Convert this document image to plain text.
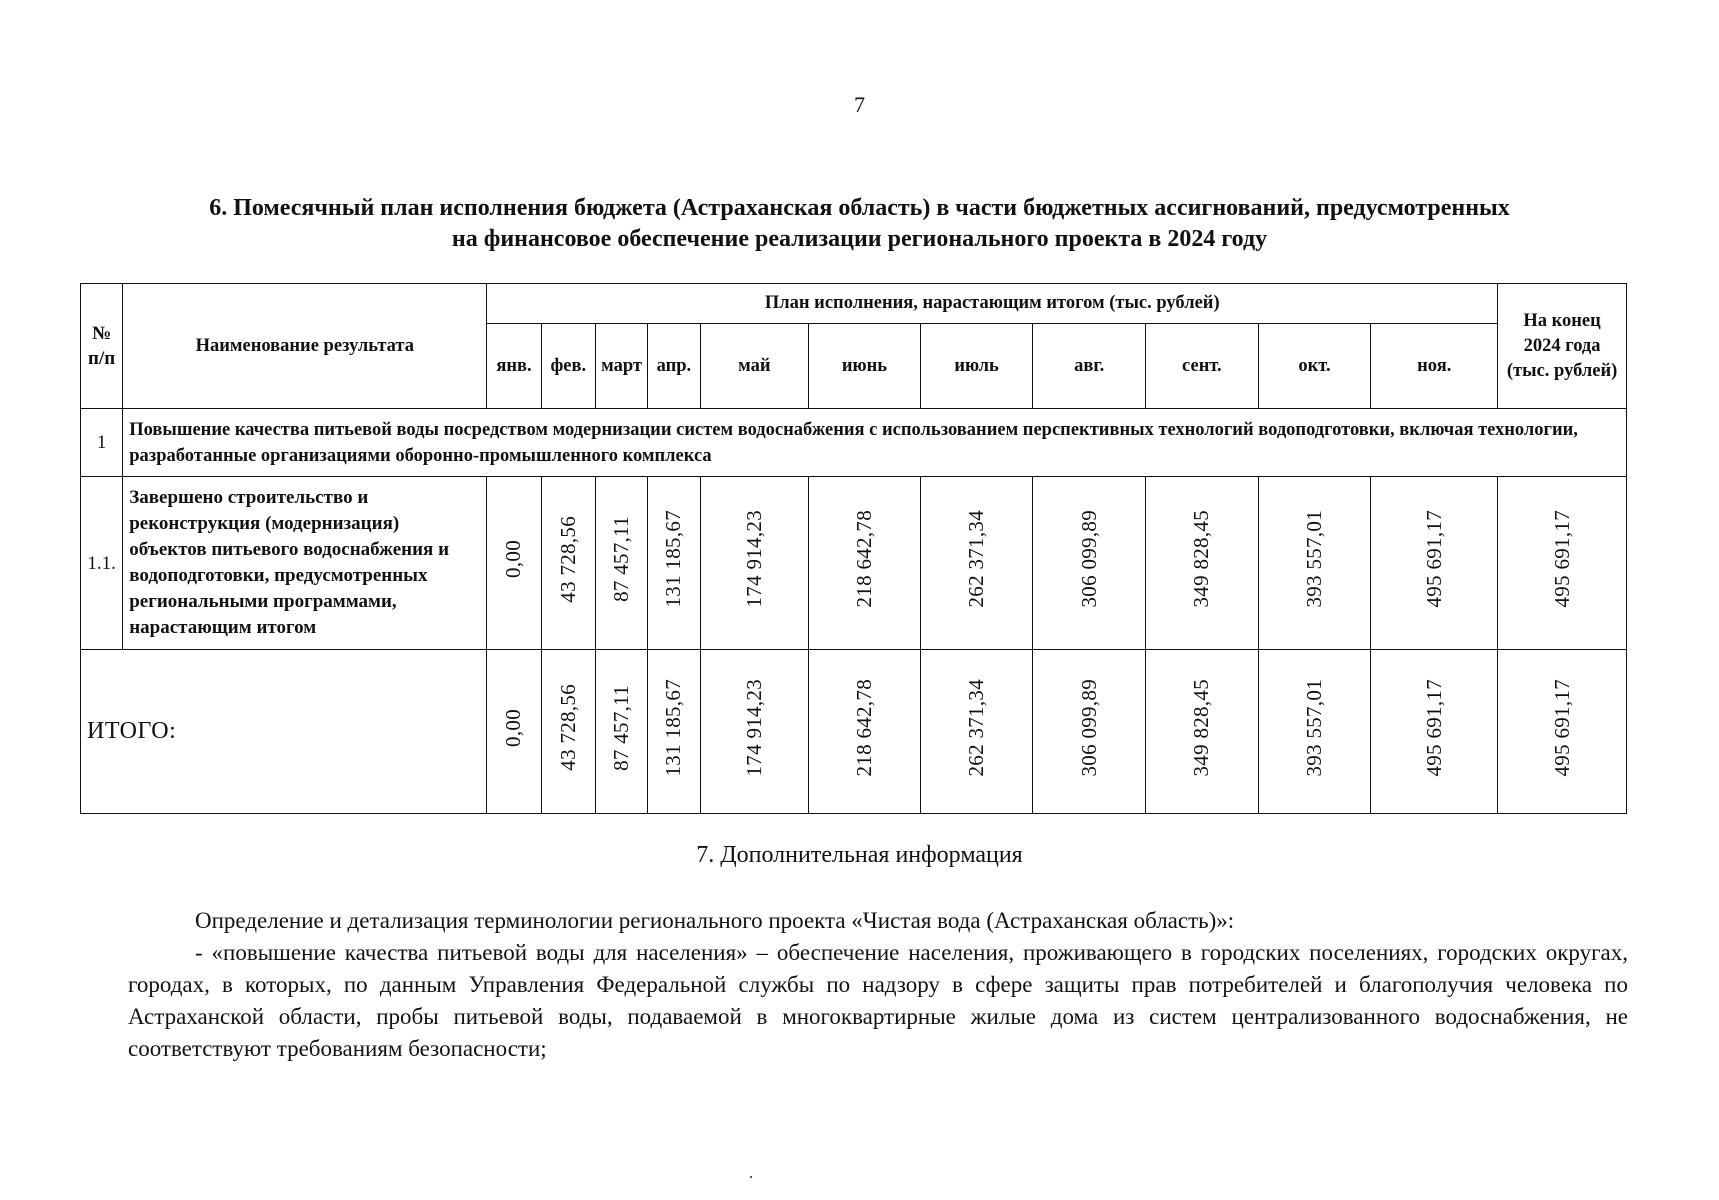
7
6. Помесячный план исполнения бюджета (Астраханская область) в части бюджетных ассигнований, предусмотренных
на финансовое обеспечение реализации регионального проекта в 2024 году
№ п/п	Наименование результата	План исполнения, нарастающим итогом (тыс. рублей)											На конец 2024 года (тыс. рублей)
		янв.	фев.	март	апр.	май	июнь	июль	авг.	сент.	окт.	ноя.	
1	Повышение качества питьевой воды посредством модернизации систем водоснабжения с использованием перспективных технологий водоподготовки, включая технологии, разработанные организациями оборонно-промышленного комплекса												
1.1.	Завершено строительство и реконструкция (модернизация) объектов питьевого водоснабжения и водоподготовки, предусмотренных региональными программами, нарастающим итогом	0,00	43 728,56	87 457,11	131 185,67	174 914,23	218 642,78	262 371,34	306 099,89	349 828,45	393 557,01	495 691,17	495 691,17
ИТОГО:		0,00	43 728,56	87 457,11	131 185,67	174 914,23	218 642,78	262 371,34	306 099,89	349 828,45	393 557,01	495 691,17	495 691,17
7. Дополнительная информация

Определение и детализация терминологии регионального проекта «Чистая вода (Астраханская область)»:

- «повышение качества питьевой воды для населения» – обеспечение населения, проживающего в городских поселениях, городских округах, городах, в которых, по данным Управления Федеральной службы по надзору в сфере защиты прав потребителей и благополучия человека по Астраханской области, пробы питьевой воды, подаваемой в многоквартирные жилые дома из систем централизованного водоснабжения, не соответствуют требованиям безопасности;
